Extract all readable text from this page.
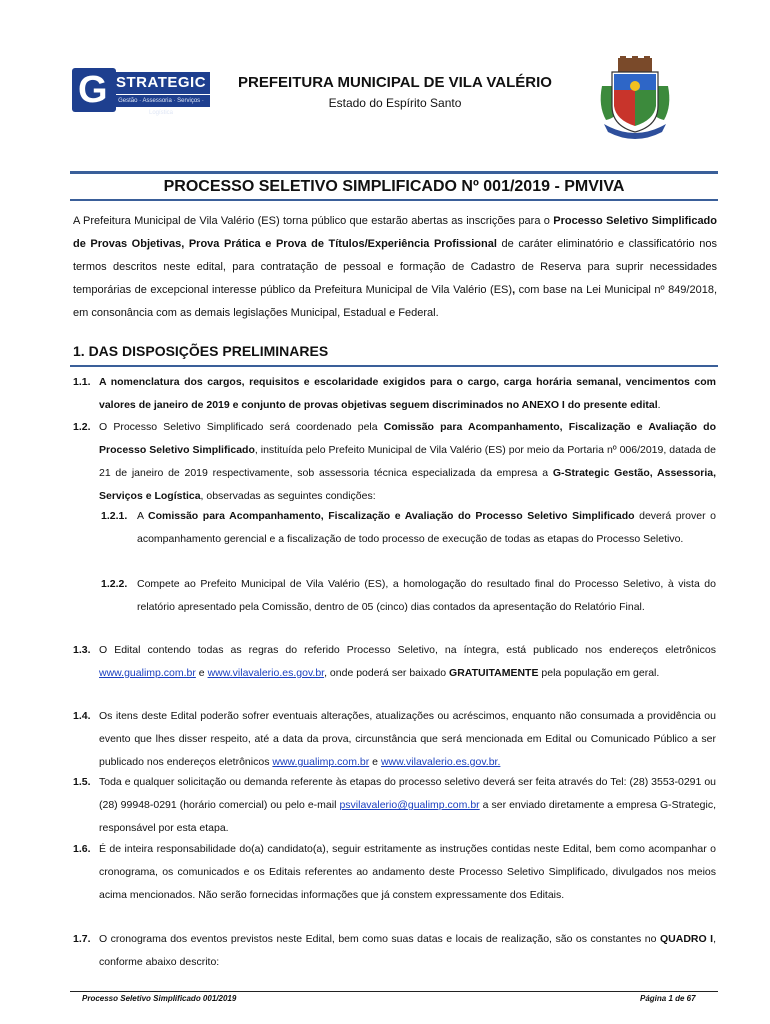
G STRATEGIC
Gestão · Assessoria · Serviços · Logística
PREFEITURA MUNICIPAL DE VILA VALÉRIO
Estado do Espírito Santo
PROCESSO SELETIVO SIMPLIFICADO Nº 001/2019 - PMVIVA
A Prefeitura Municipal de Vila Valério (ES) torna público que estarão abertas as inscrições para o Processo Seletivo Simplificado de Provas Objetivas, Prova Prática e Prova de Títulos/Experiência Profissional de caráter eliminatório e classificatório nos termos descritos neste edital, para contratação de pessoal e formação de Cadastro de Reserva para suprir necessidades temporárias de excepcional interesse público da Prefeitura Municipal de Vila Valério (ES), com base na Lei Municipal nº 849/2018, em consonância com as demais legislações Municipal, Estadual e Federal.
1. DAS DISPOSIÇÕES PRELIMINARES
1.1. A nomenclatura dos cargos, requisitos e escolaridade exigidos para o cargo, carga horária semanal, vencimentos com valores de janeiro de 2019 e conjunto de provas objetivas seguem discriminados no ANEXO I do presente edital.
1.2. O Processo Seletivo Simplificado será coordenado pela Comissão para Acompanhamento, Fiscalização e Avaliação do Processo Seletivo Simplificado, instituída pelo Prefeito Municipal de Vila Valério (ES) por meio da Portaria nº 006/2019, datada de 21 de janeiro de 2019 respectivamente, sob assessoria técnica especializada da empresa a G-Strategic Gestão, Assessoria, Serviços e Logística, observadas as seguintes condições:
1.2.1. A Comissão para Acompanhamento, Fiscalização e Avaliação do Processo Seletivo Simplificado deverá prover o acompanhamento gerencial e a fiscalização de todo processo de execução de todas as etapas do Processo Seletivo.
1.2.2. Compete ao Prefeito Municipal de Vila Valério (ES), a homologação do resultado final do Processo Seletivo, à vista do relatório apresentado pela Comissão, dentro de 05 (cinco) dias contados da apresentação do Relatório Final.
1.3. O Edital contendo todas as regras do referido Processo Seletivo, na íntegra, está publicado nos endereços eletrônicos www.gualimp.com.br e www.vilavalerio.es.gov.br, onde poderá ser baixado GRATUITAMENTE pela população em geral.
1.4. Os itens deste Edital poderão sofrer eventuais alterações, atualizações ou acréscimos, enquanto não consumada a providência ou evento que lhes disser respeito, até a data da prova, circunstância que será mencionada em Edital ou Comunicado Público a ser publicado nos endereços eletrônicos www.gualimp.com.br e www.vilavalerio.es.gov.br.
1.5. Toda e qualquer solicitação ou demanda referente às etapas do processo seletivo deverá ser feita através do Tel: (28) 3553-0291 ou (28) 99948-0291 (horário comercial) ou pelo e-mail psvilavalerio@gualimp.com.br a ser enviado diretamente a empresa G-Strategic, responsável por esta etapa.
1.6. É de inteira responsabilidade do(a) candidato(a), seguir estritamente as instruções contidas neste Edital, bem como acompanhar o cronograma, os comunicados e os Editais referentes ao andamento deste Processo Seletivo Simplificado, divulgados nos meios acima mencionados. Não serão fornecidas informações que já constem expressamente dos Editais.
1.7. O cronograma dos eventos previstos neste Edital, bem como suas datas e locais de realização, são os constantes no QUADRO I, conforme abaixo descrito:
Processo Seletivo Simplificado 001/2019	Página 1 de 67
